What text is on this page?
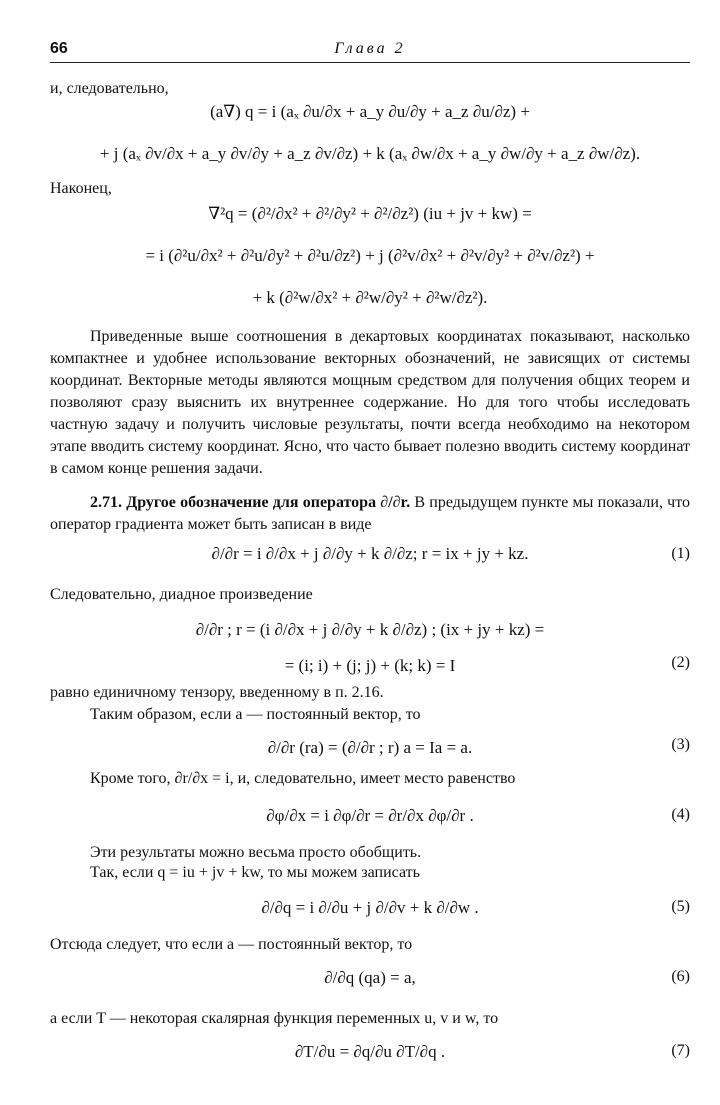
66	Глава 2
и, следовательно,
(a∇) q = i (aₓ ∂u/∂x + a_y ∂u/∂y + a_z ∂u/∂z) +
+ j (aₓ ∂v/∂x + a_y ∂v/∂y + a_z ∂v/∂z) + k (aₓ ∂w/∂x + a_y ∂w/∂y + a_z ∂w/∂z).
Наконец,
∇²q = (∂²/∂x² + ∂²/∂y² + ∂²/∂z²) (iu + jv + kw) =
= i (∂²u/∂x² + ∂²u/∂y² + ∂²u/∂z²) + j (∂²v/∂x² + ∂²v/∂y² + ∂²v/∂z²) +
+ k (∂²w/∂x² + ∂²w/∂y² + ∂²w/∂z²).
Приведенные выше соотношения в декартовых координатах показывают, насколько компактнее и удобнее использование векторных обозначений, не зависящих от системы координат. Векторные методы являются мощным средством для получения общих теорем и позволяют сразу выяснить их внутреннее содержание. Но для того чтобы исследовать частную задачу и получить числовые результаты, почти всегда необходимо на некотором этапе вводить систему координат. Ясно, что часто бывает полезно вводить систему координат в самом конце решения задачи.
2.71. Другое обозначение для оператора ∂/∂r. В предыдущем пункте мы показали, что оператор градиента может быть записан в виде
∂/∂r = i ∂/∂x + j ∂/∂y + k ∂/∂z; r = ix + jy + kz.	(1)
Следовательно, диадное произведение
∂/∂r ; r = (i ∂/∂x + j ∂/∂y + k ∂/∂z) ; (ix + jy + kz) =
= (i; i) + (j; j) + (k; k) = I	(2)
равно единичному тензору, введенному в п. 2.16.
Таким образом, если a — постоянный вектор, то
∂/∂r (ra) = (∂/∂r ; r) a = Ia = a.	(3)
Кроме того, ∂r/∂x = i, и, следовательно, имеет место равенство
∂φ/∂x = i ∂φ/∂r = ∂r/∂x ∂φ/∂r .	(4)
Эти результаты можно весьма просто обобщить.
Так, если q = iu + jv + kw, то мы можем записать
∂/∂q = i ∂/∂u + j ∂/∂v + k ∂/∂w .	(5)
Отсюда следует, что если a — постоянный вектор, то
∂/∂q (qa) = a,	(6)
а если T — некоторая скалярная функция переменных u, v и w, то
∂T/∂u = ∂q/∂u ∂T/∂q .	(7)
